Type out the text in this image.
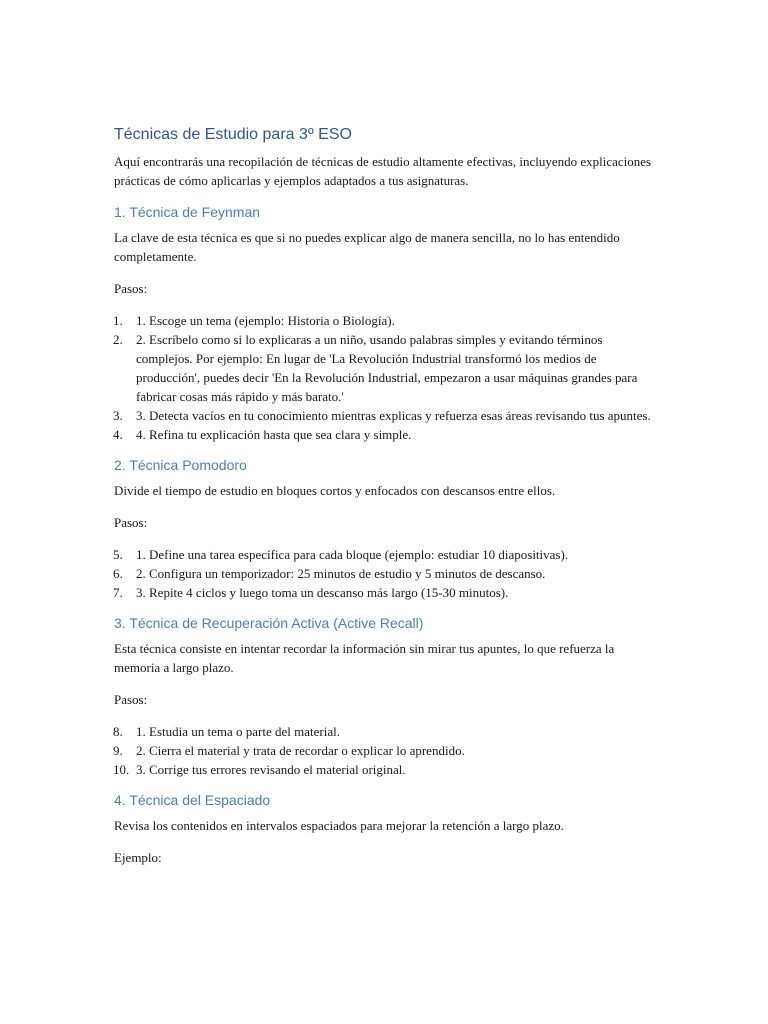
Técnicas de Estudio para 3º ESO

Aquí encontrarás una recopilación de técnicas de estudio altamente efectivas, incluyendo explicaciones prácticas de cómo aplicarlas y ejemplos adaptados a tus asignaturas.

1. Técnica de Feynman

La clave de esta técnica es que si no puedes explicar algo de manera sencilla, no lo has entendido completamente.

Pasos:

1. 1. Escoge un tema (ejemplo: Historia o Biología).
2. 2. Escríbelo como si lo explicaras a un niño, usando palabras simples y evitando términos complejos. Por ejemplo: En lugar de 'La Revolución Industrial transformó los medios de producción', puedes decir 'En la Revolución Industrial, empezaron a usar máquinas grandes para fabricar cosas más rápido y más barato.'
3. 3. Detecta vacíos en tu conocimiento mientras explicas y refuerza esas áreas revisando tus apuntes.
4. 4. Refina tu explicación hasta que sea clara y simple.
2. Técnica Pomodoro

Divide el tiempo de estudio en bloques cortos y enfocados con descansos entre ellos.

Pasos:

5. 1. Define una tarea específica para cada bloque (ejemplo: estudiar 10 diapositivas).
6. 2. Configura un temporizador: 25 minutos de estudio y 5 minutos de descanso.
7. 3. Repite 4 ciclos y luego toma un descanso más largo (15-30 minutos).
3. Técnica de Recuperación Activa (Active Recall)

Esta técnica consiste en intentar recordar la información sin mirar tus apuntes, lo que refuerza la memoria a largo plazo.

Pasos:

8. 1. Estudia un tema o parte del material.
9. 2. Cierra el material y trata de recordar o explicar lo aprendido.
10. 3. Corrige tus errores revisando el material original.
4. Técnica del Espaciado

Revisa los contenidos en intervalos espaciados para mejorar la retención a largo plazo.

Ejemplo:
